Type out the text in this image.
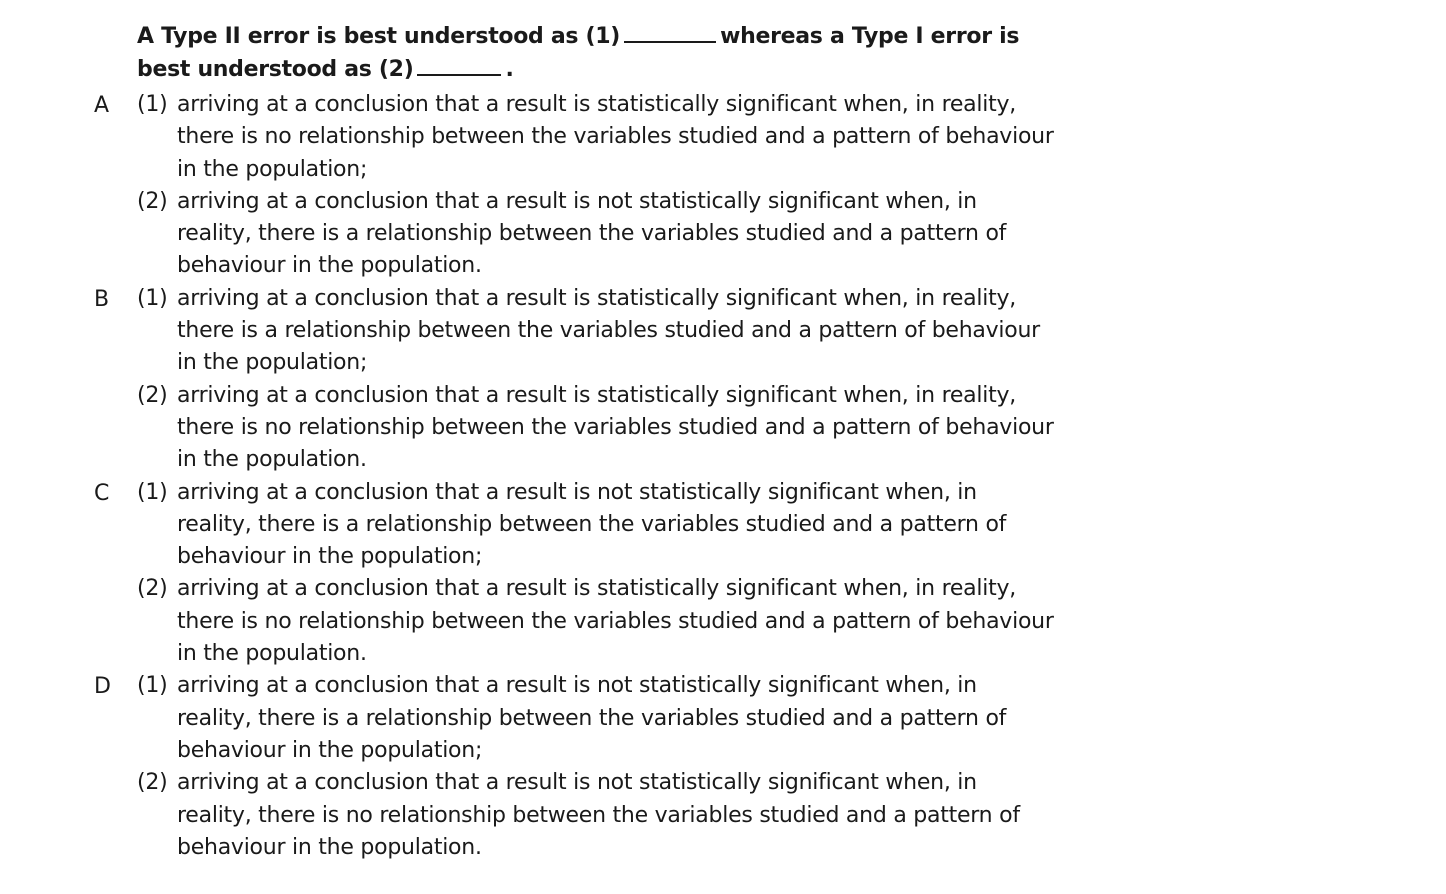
A Type II error is best understood as (1)	whereas a Type I error is best understood as (2)	.
A	(1) arriving at a conclusion that a result is statistically significant when, in reality, there is no relationship between the variables studied and a pattern of behaviour in the population;
(2) arriving at a conclusion that a result is not statistically significant when, in reality, there is a relationship between the variables studied and a pattern of behaviour in the population.
B	(1) arriving at a conclusion that a result is statistically significant when, in reality, there is a relationship between the variables studied and a pattern of behaviour in the population;
(2) arriving at a conclusion that a result is statistically significant when, in reality, there is no relationship between the variables studied and a pattern of behaviour in the population.
C	(1) arriving at a conclusion that a result is not statistically significant when, in reality, there is a relationship between the variables studied and a pattern of behaviour in the population;
(2) arriving at a conclusion that a result is statistically significant when, in reality, there is no relationship between the variables studied and a pattern of behaviour in the population.
D	(1) arriving at a conclusion that a result is not statistically significant when, in reality, there is a relationship between the variables studied and a pattern of behaviour in the population;
(2) arriving at a conclusion that a result is not statistically significant when, in reality, there is no relationship between the variables studied and a pattern of behaviour in the population.
